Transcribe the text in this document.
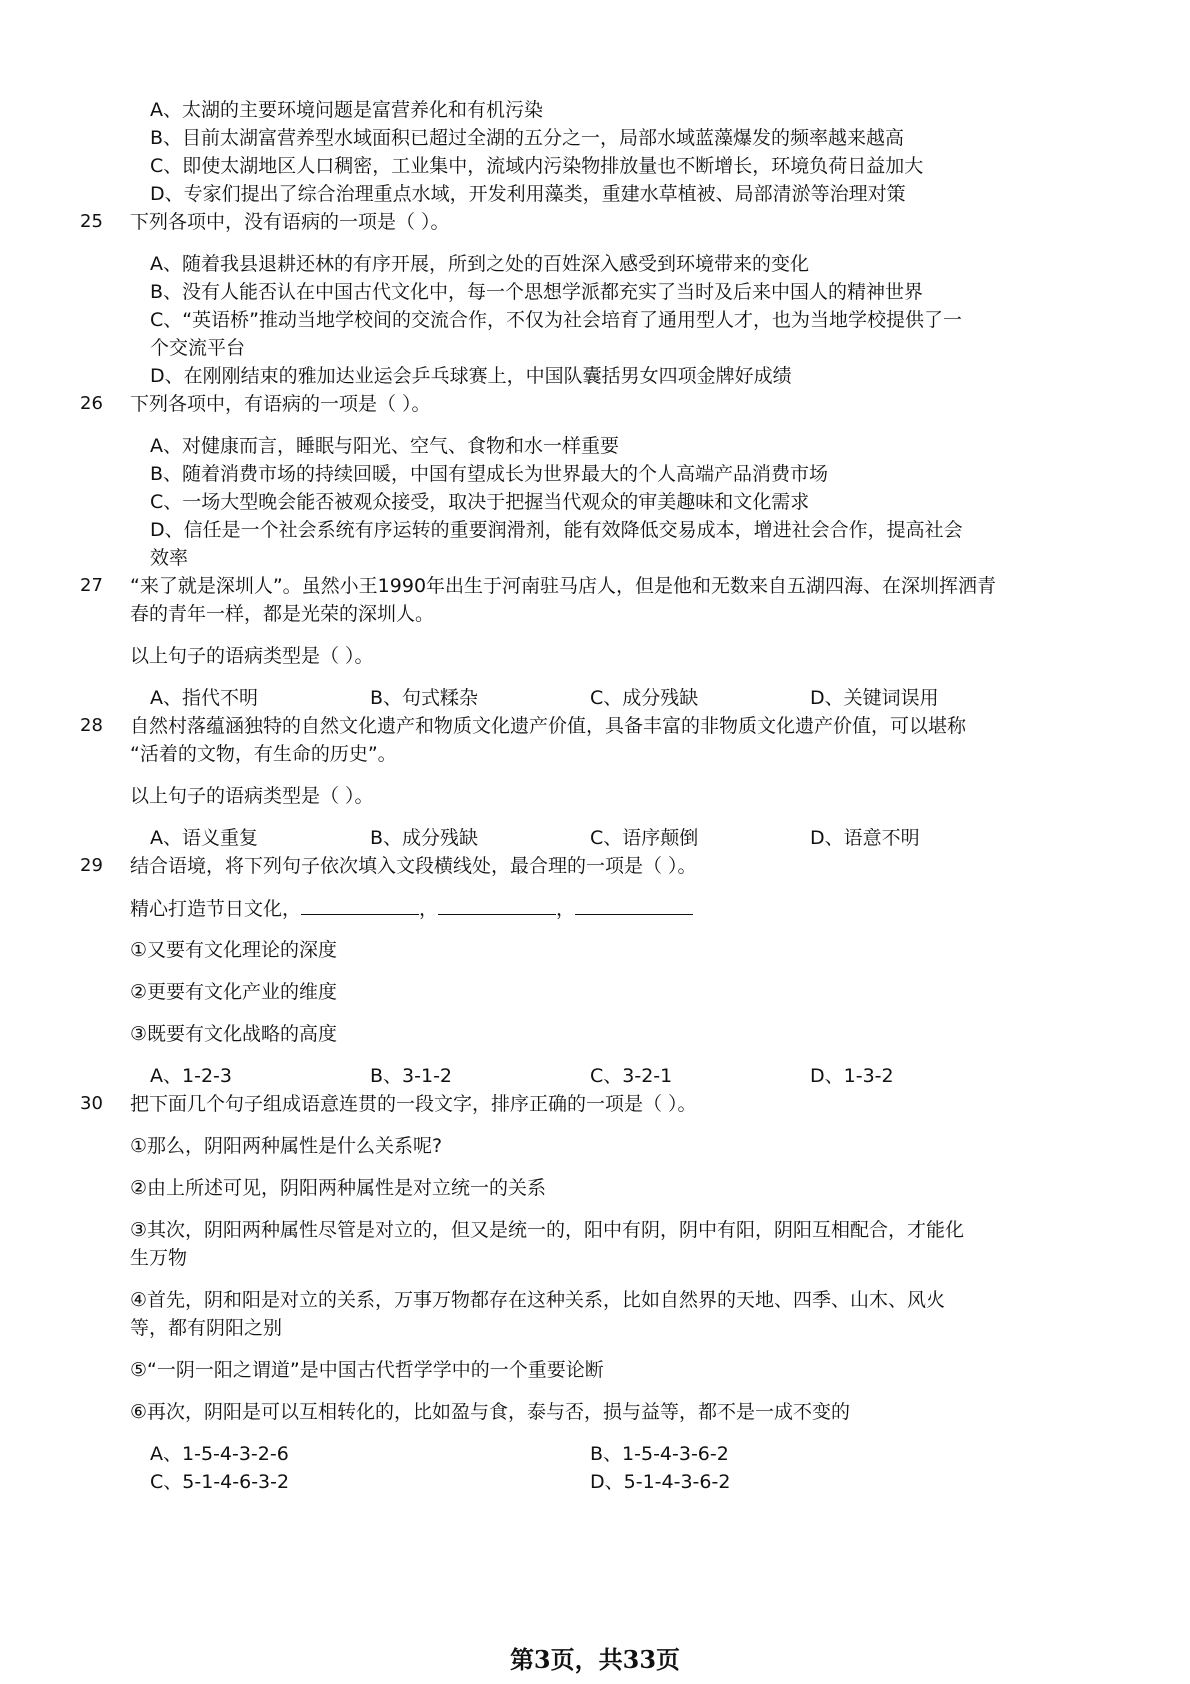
A、太湖的主要环境问题是富营养化和有机污染
B、目前太湖富营养型水域面积已超过全湖的五分之一，局部水域蓝藻爆发的频率越来越高
C、即使太湖地区人口稠密，工业集中，流域内污染物排放量也不断增长，环境负荷日益加大
D、专家们提出了综合治理重点水域，开发利用藻类，重建水草植被、局部清淤等治理对策
25 下列各项中，没有语病的一项是（ ）。
A、随着我县退耕还林的有序开展，所到之处的百姓深入感受到环境带来的变化
B、没有人能否认在中国古代文化中，每一个思想学派都充实了当时及后来中国人的精神世界
C、“英语桥”推动当地学校间的交流合作，不仅为社会培育了通用型人才，也为当地学校提供了一
个交流平台
D、在刚刚结束的雅加达业运会乒乓球赛上，中国队囊括男女四项金牌好成绩
26 下列各项中，有语病的一项是（ ）。
A、对健康而言，睡眠与阳光、空气、食物和水一样重要
B、随着消费市场的持续回暖，中国有望成长为世界最大的个人高端产品消费市场
C、一场大型晚会能否被观众接受，取决于把握当代观众的审美趣味和文化需求
D、信任是一个社会系统有序运转的重要润滑剂，能有效降低交易成本，增进社会合作，提高社会
效率
27 “来了就是深圳人”。虽然小王1990年出生于河南驻马店人，但是他和无数来自五湖四海、在深圳挥洒青
春的青年一样，都是光荣的深圳人。
以上句子的语病类型是（ ）。
A、指代不明	B、句式糅杂	C、成分残缺	D、关键词误用
28 自然村落蕴涵独特的自然文化遗产和物质文化遗产价值，具备丰富的非物质文化遗产价值，可以堪称
“活着的文物，有生命的历史”。
以上句子的语病类型是（ ）。
A、语义重复	B、成分残缺	C、语序颠倒	D、语意不明
29 结合语境，将下列句子依次填入文段横线处，最合理的一项是（ ）。
精心打造节日文化，	，	，
①又要有文化理论的深度
②更要有文化产业的维度
③既要有文化战略的高度
A、1-2-3	B、3-1-2	C、3-2-1	D、1-3-2
30 把下面几个句子组成语意连贯的一段文字，排序正确的一项是（ ）。
①那么，阴阳两种属性是什么关系呢?
②由上所述可见，阴阳两种属性是对立统一的关系
③其次，阴阳两种属性尽管是对立的，但又是统一的，阳中有阴，阴中有阳，阴阳互相配合，才能化
生万物
④首先，阴和阳是对立的关系，万事万物都存在这种关系，比如自然界的天地、四季、山木、风火
等，都有阴阳之别
⑤“一阴一阳之谓道”是中国古代哲学学中的一个重要论断
⑥再次，阴阳是可以互相转化的，比如盈与食，泰与否，损与益等，都不是一成不变的
A、1-5-4-3-2-6	B、1-5-4-3-6-2
C、5-1-4-6-3-2	D、5-1-4-3-6-2
第3页，共33页
